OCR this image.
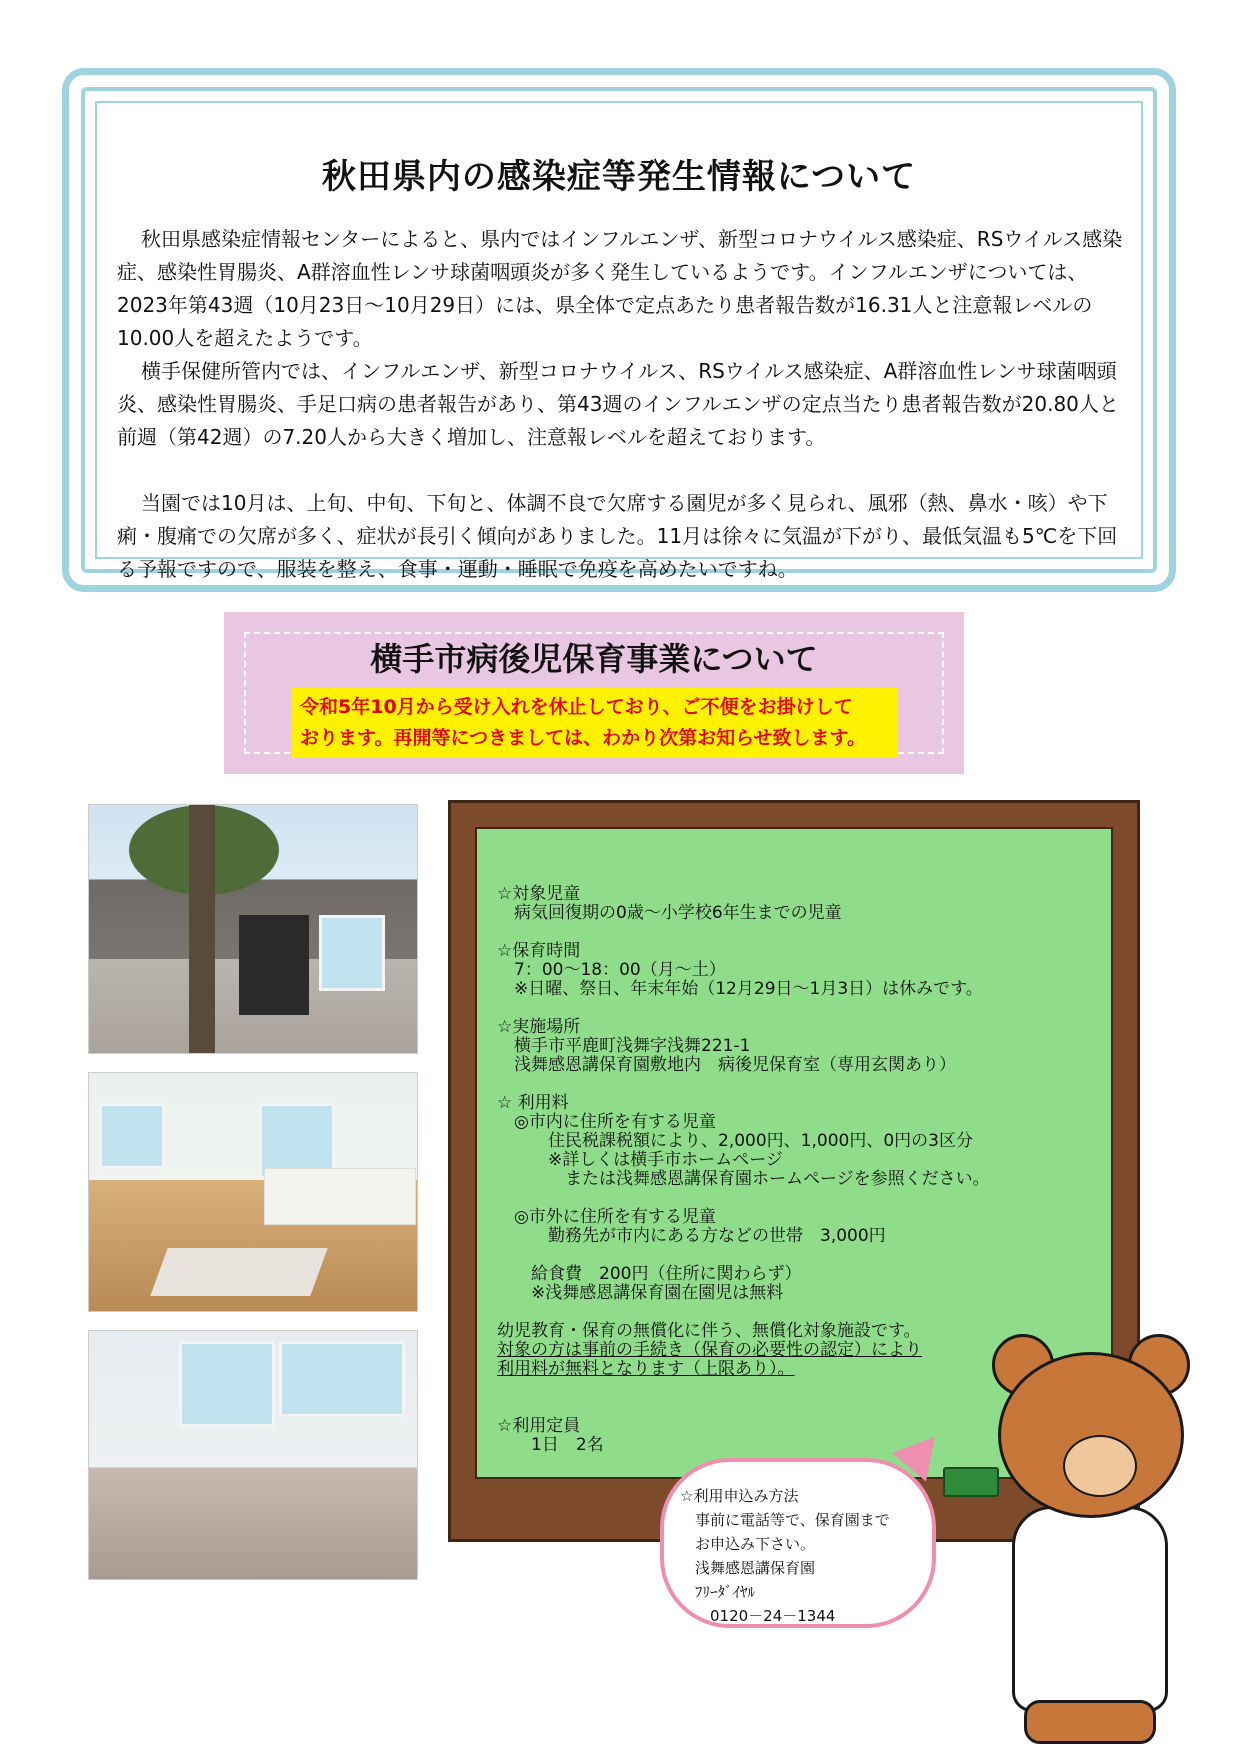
秋田県内の感染症等発生情報について

秋田県感染症情報センターによると、県内ではインフルエンザ、新型コロナウイルス感染症、RSウイルス感染症、感染性胃腸炎、A群溶血性レンサ球菌咽頭炎が多く発生しているようです。インフルエンザについては、2023年第43週（10月23日～10月29日）には、県全体で定点あたり患者報告数が16.31人と注意報レベルの10.00人を超えたようです。

横手保健所管内では、インフルエンザ、新型コロナウイルス、RSウイルス感染症、A群溶血性レンサ球菌咽頭炎、感染性胃腸炎、手足口病の患者報告があり、第43週のインフルエンザの定点当たり患者報告数が20.80人と前週（第42週）の7.20人から大きく増加し、注意報レベルを超えております。

当園では10月は、上旬、中旬、下旬と、体調不良で欠席する園児が多く見られ、風邪（熱、鼻水・咳）や下痢・腹痛での欠席が多く、症状が長引く傾向がありました。11月は徐々に気温が下がり、最低気温も5℃を下回る予報ですので、服装を整え、食事・運動・睡眠で免疫を高めたいですね。

横手市病後児保育事業について
令和5年10月から受け入れを休止しており、ご不便をお掛けして
おります。再開等につきましては、わかり次第お知らせ致します。
☆対象児童
　病気回復期の0歳～小学校6年生までの児童

☆保育時間
　7：00～18：00（月～土）
　※日曜、祭日、年末年始（12月29日～1月3日）は休みです。

☆実施場所
　横手市平鹿町浅舞字浅舞221-1
　浅舞感恩講保育園敷地内　病後児保育室（専用玄関あり）

☆ 利用料
　◎市内に住所を有する児童
　　　住民税課税額により、2,000円、1,000円、0円の3区分
　　　※詳しくは横手市ホームページ
　　　　または浅舞感恩講保育園ホームページを参照ください。

　◎市外に住所を有する児童
　　　勤務先が市内にある方などの世帯　3,000円

　　給食費　200円（住所に関わらず）
　　※浅舞感恩講保育園在園児は無料

幼児教育・保育の無償化に伴う、無償化対象施設です。
対象の方は事前の手続き（保育の必要性の認定）により
利用料が無料となります（上限あり）。

☆利用定員
　　1日　2名
☆利用申込み方法
　事前に電話等で、保育園まで
　お申込み下さい。
　浅舞感恩講保育園
　ﾌﾘｰﾀﾞｲﾔﾙ
　　0120－24－1344
